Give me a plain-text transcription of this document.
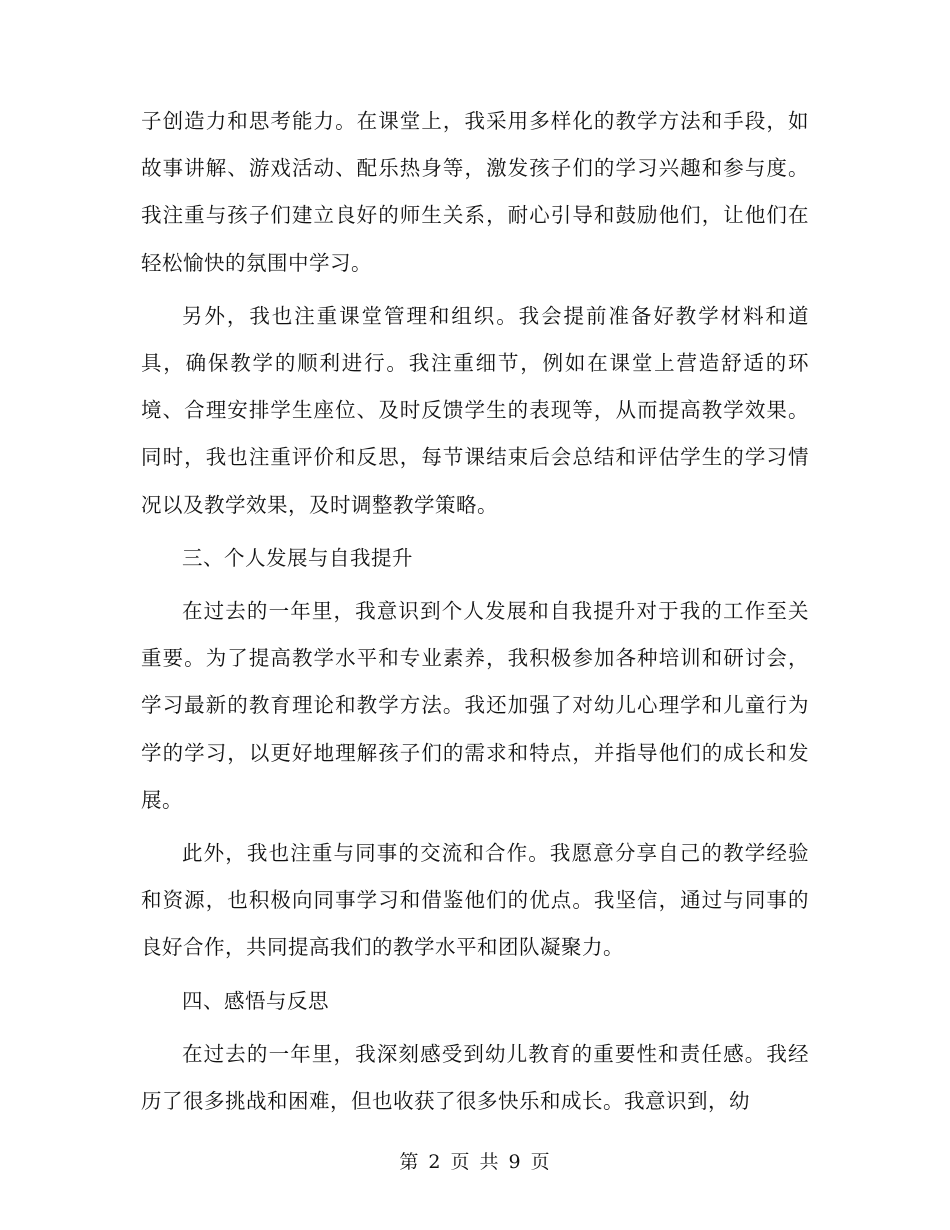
子创造力和思考能力。在课堂上，我采用多样化的教学方法和手段，如故事讲解、游戏活动、配乐热身等，激发孩子们的学习兴趣和参与度。我注重与孩子们建立良好的师生关系，耐心引导和鼓励他们，让他们在轻松愉快的氛围中学习。

另外，我也注重课堂管理和组织。我会提前准备好教学材料和道具，确保教学的顺利进行。我注重细节，例如在课堂上营造舒适的环境、合理安排学生座位、及时反馈学生的表现等，从而提高教学效果。同时，我也注重评价和反思，每节课结束后会总结和评估学生的学习情况以及教学效果，及时调整教学策略。

三、个人发展与自我提升

在过去的一年里，我意识到个人发展和自我提升对于我的工作至关重要。为了提高教学水平和专业素养，我积极参加各种培训和研讨会，学习最新的教育理论和教学方法。我还加强了对幼儿心理学和儿童行为学的学习，以更好地理解孩子们的需求和特点，并指导他们的成长和发展。

此外，我也注重与同事的交流和合作。我愿意分享自己的教学经验和资源，也积极向同事学习和借鉴他们的优点。我坚信，通过与同事的良好合作，共同提高我们的教学水平和团队凝聚力。

四、感悟与反思

在过去的一年里，我深刻感受到幼儿教育的重要性和责任感。我经历了很多挑战和困难，但也收获了很多快乐和成长。我意识到，幼

第 2 页 共 9 页
